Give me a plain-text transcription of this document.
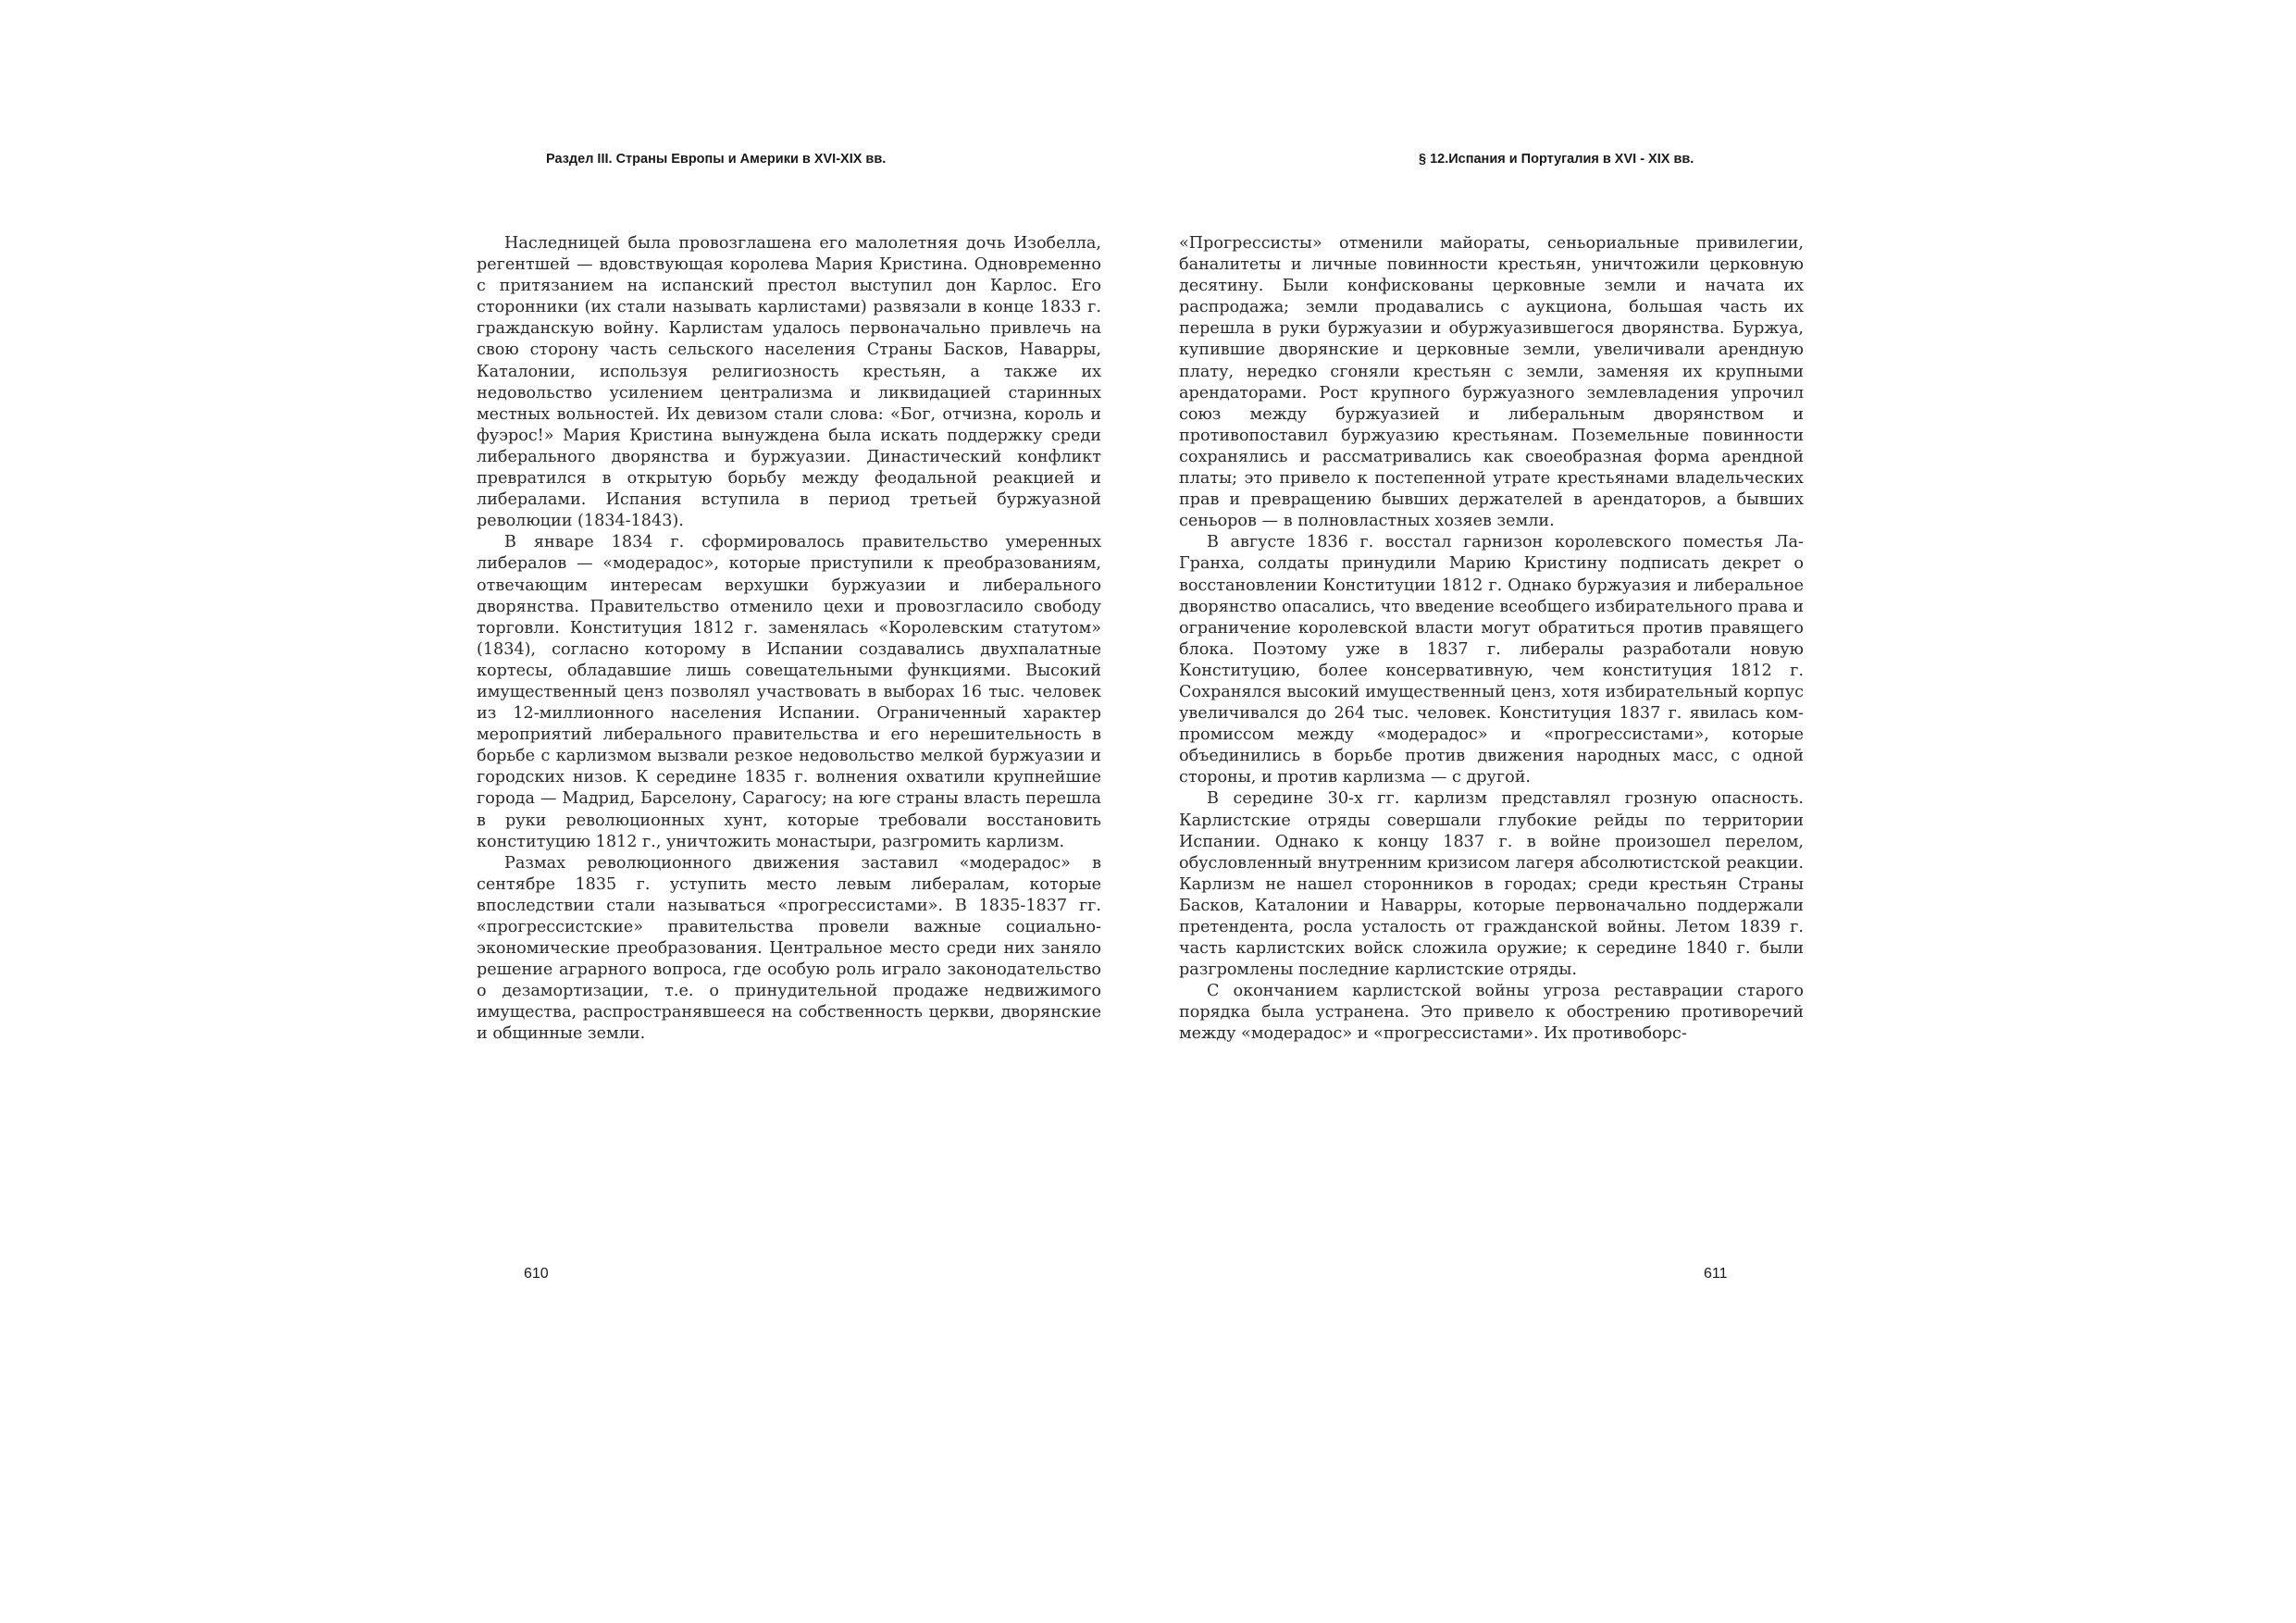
Раздел III. Страны Европы и Америки в XVI-XIX вв.

Наследницей была провозглашена его малолетняя дочь Изобелла, регентшей — вдовствующая королева Мария Кристина. Одновременно с притязанием на испанский престол выступил дон Карлос. Его сторонники (их стали называть карлистами) развязали в конце 1833 г. гражданскую войну. Карлистам удалось первоначально привлечь на свою сторону часть сельского населения Страны Басков, Наварры, Каталонии, используя религиозность крестьян, а также их недовольство усилением централизма и ликвидацией старинных местных вольностей. Их девизом стали слова: «Бог, отчизна, король и фуэрос!» Мария Кристина вынуждена была искать поддержку среди либерального дворянства и буржуазии. Династический конфликт превратился в открытую борьбу между феодальной реакцией и либералами. Испания вступила в период третьей буржуазной революции (1834-1843).

В январе 1834 г. сформировалось правительство умеренных либералов — «модерадос», которые приступили к преобразованиям, отвечающим интересам верхушки буржуазии и либерального дворянства. Правительство отменило цехи и провозгласило свободу торговли. Конституция 1812 г. заменялась «Королевским статутом» (1834), согласно которому в Испании создавались двухпалатные кортесы, обладавшие лишь совещательными функциями. Высокий имущественный ценз позволял участвовать в выборах 16 тыс. человек из 12-миллионного населения Испании. Ограниченный характер мероприятий либерального правительства и его нерешительность в борьбе с карлизмом вызвали резкое недовольство мелкой буржуазии и городских низов. К середине 1835 г. волнения охватили крупнейшие города — Мадрид, Барселону, Сарагосу; на юге страны власть перешла в руки революционных хунт, которые требовали восстановить конституцию 1812 г., уничтожить монастыри, разгромить карлизм.

Размах революционного движения заставил «модерадос» в сентябре 1835 г. уступить место левым либералам, которые впоследствии стали называться «прогрессистами». В 1835-1837 гг. «прогрессистские» правительства провели важные социально-экономические преобразования. Центральное место среди них заняло решение аграрного вопроса, где особую роль играло законодательство о дезамортизации, т.е. о принудительной продаже недвижимого имущества, распространявшееся на собственность церкви, дворянские и общинные земли.

610
§ 12.Испания и Португалия в XVI - XIX вв.

«Прогрессисты» отменили майораты, сеньориальные привилегии, баналитеты и личные повинности крестьян, уничтожили церковную десятину. Были конфискованы церковные земли и начата их распродажа; земли продавались с аукциона, большая часть их перешла в руки буржуазии и обуржуазившегося дворянства. Буржуа, купившие дворянские и церковные земли, увеличивали арендную плату, нередко сгоняли крестьян с земли, заменяя их крупными арендаторами. Рост крупного буржуазного землевладения упрочил союз между буржуазией и либеральным дворянством и противопоставил буржуазию крестьянам. Поземельные повинности сохранялись и рассматривались как своеобразная форма арендной платы; это привело к постепенной утрате крестьянами владельческих прав и превращению бывших держателей в арендаторов, а бывших сеньоров — в полновластных хозяев земли.

В августе 1836 г. восстал гарнизон королевского поместья Ла-Гранха, солдаты принудили Марию Кристину подписать декрет о восстановлении Конституции 1812 г. Однако буржуазия и либеральное дворянство опасались, что введение всеобщего избирательного права и ограничение королевской власти могут обратиться против правящего блока. Поэтому уже в 1837 г. либералы разработали новую Конституцию, более консервативную, чем конституция 1812 г. Сохранялся высокий имущественный ценз, хотя избирательный корпус увеличивался до 264 тыс. человек. Конституция 1837 г. явилась компромиссом между «модерадос» и «прогрессистами», которые объединились в борьбе против движения народных масс, с одной стороны, и против карлизма — с другой.

В середине 30-х гг. карлизм представлял грозную опасность. Карлистские отряды совершали глубокие рейды по территории Испании. Однако к концу 1837 г. в войне произошел перелом, обусловленный внутренним кризисом лагеря абсолютистской реакции. Карлизм не нашел сторонников в городах; среди крестьян Страны Басков, Каталонии и Наварры, которые первоначально поддержали претендента, росла усталость от гражданской войны. Летом 1839 г. часть карлистских войск сложила оружие; к середине 1840 г. были разгромлены последние карлистские отряды.

С окончанием карлистской войны угроза реставрации старого порядка была устранена. Это привело к обострению противоречий между «модерадос» и «прогрессистами». Их противоборс-

611
